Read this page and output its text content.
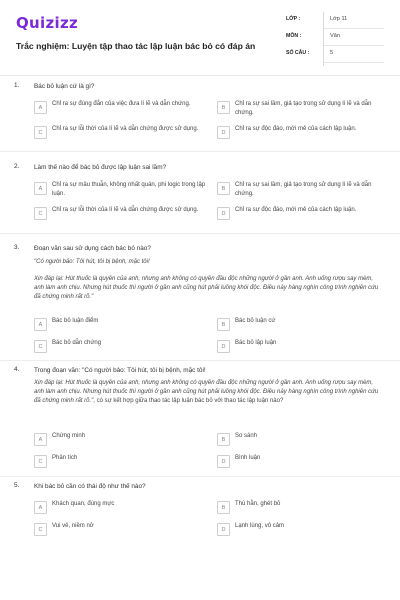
Quizizz
Trắc nghiệm: Luyện tập thao tác lập luận bác bỏ có đáp án
LỚP :	Lớp 11
MÔN :	Văn
SỐ CÂU :	5
1. Bác bỏ luận cứ là gì?
A
Chỉ ra sự đúng đắn của việc đưa lí lẽ và dẫn chứng.
B
Chỉ ra sự sai lầm, giả tạo trong sử dụng lí lẽ và dẫn chứng.
C
Chỉ ra sự lỗi thời của lí lẽ và dẫn chứng được sử dụng.
D
Chỉ ra sự độc đáo, mới mẻ của cách lập luận.
2. Làm thế nào để bác bỏ được lập luận sai lầm?
A
Chỉ ra sự mâu thuẫn, không nhất quán, phi logic trong lập luận.
B
Chỉ ra sự sai lầm, giả tạo trong sử dụng lí lẽ và dẫn chứng.
C
Chỉ ra sự lỗi thời của lí lẽ và dẫn chứng được sử dụng.
D
Chỉ ra sự độc đáo, mới mẻ của cách lập luận.
3. Đoạn văn sau sử dụng cách bác bỏ nào?
"Có người bảo: Tôi hút, tôi bị bệnh, mặc tôi!
Xin đáp lại: Hút thuốc là quyền của anh, nhưng anh không có quyền đầu độc những người ở gần anh. Anh uống rượu say mèm, anh làm anh chịu. Nhưng hút thuốc thì người ở gần anh cũng hút phải luồng khói độc. Điều này hàng nghìn công trình nghiên cứu đã chứng minh rất rõ."
A
Bác bỏ luận điểm
B
Bác bỏ luận cứ
C
Bác bỏ dẫn chứng
D
Bác bỏ lập luận
4. Trong đoạn văn: "Có người bảo: Tôi hút, tôi bị bệnh, mặc tôi!
Xin đáp lại: Hút thuốc là quyền của anh, nhưng anh không có quyền đầu độc những người ở gần anh. Anh uống rượu say mèm, anh làm anh chịu. Nhưng hút thuốc thì người ở gần anh cũng hút phải luồng khói độc. Điều này hàng nghìn công trình nghiên cứu đã chứng minh rất rõ.", có sự kết hợp giữa thao tác lập luận bác bỏ với thao tác lập luận nào?
A
Chứng minh
B
So sánh
C
Phân tích
D
Bình luận
5. Khi bác bỏ cần có thái độ như thế nào?
A
Khách quan, đúng mực
B
Thù hằn, ghét bỏ
C
Vui vẻ, niềm nở
D
Lạnh lùng, vô cảm
